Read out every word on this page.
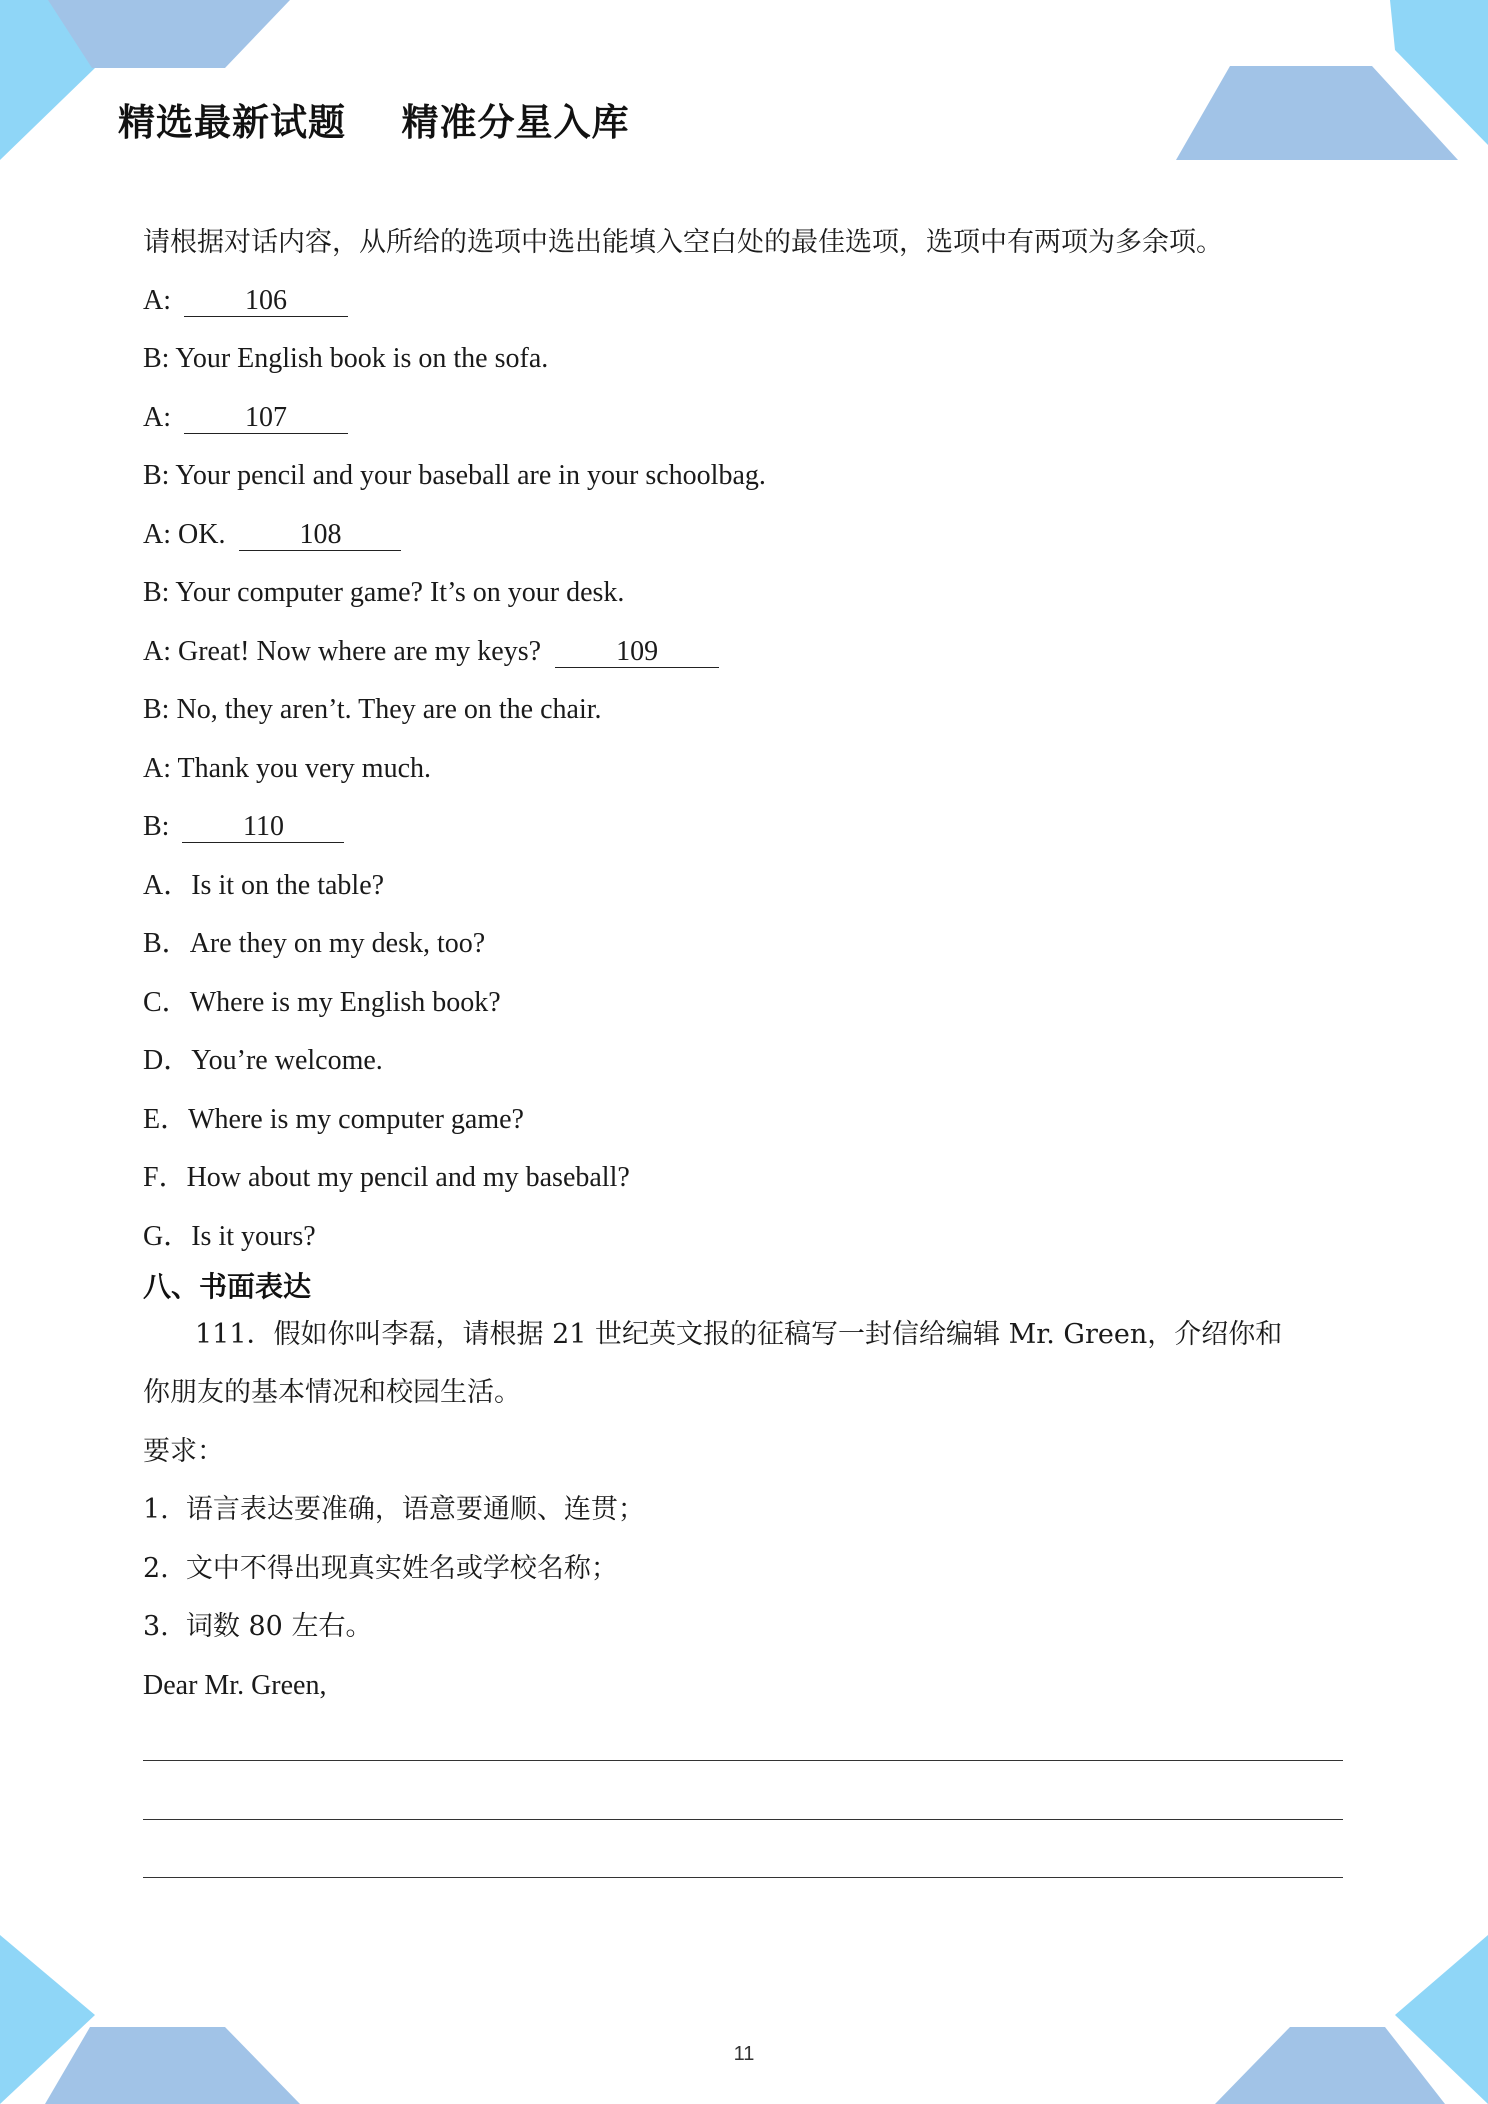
精选最新试题    精准分星入库
请根据对话内容，从所给的选项中选出能填入空白处的最佳选项，选项中有两项为多余项。
A: 106
B: Your English book is on the sofa.
A: 107
B: Your pencil and your baseball are in your schoolbag.
A: OK.  108
B: Your computer game? It’s on your desk.
A: Great! Now where are my keys?  109
B: No, they aren’t. They are on the chair.
A: Thank you very much.
B: 110
A．Is it on the table?
B．Are they on my desk, too?
C．Where is my English book?
D．You’re welcome.
E．Where is my computer game?
F．How about my pencil and my baseball?
G．Is it yours?
八、书面表达
111．假如你叫李磊，请根据 21 世纪英文报的征稿写一封信给编辑 Mr. Green，介绍你和
你朋友的基本情况和校园生活。
要求：
1.  语言表达要准确，语意要通顺、连贯；
2.  文中不得出现真实姓名或学校名称；
3.  词数 80 左右。
Dear Mr. Green,
11
